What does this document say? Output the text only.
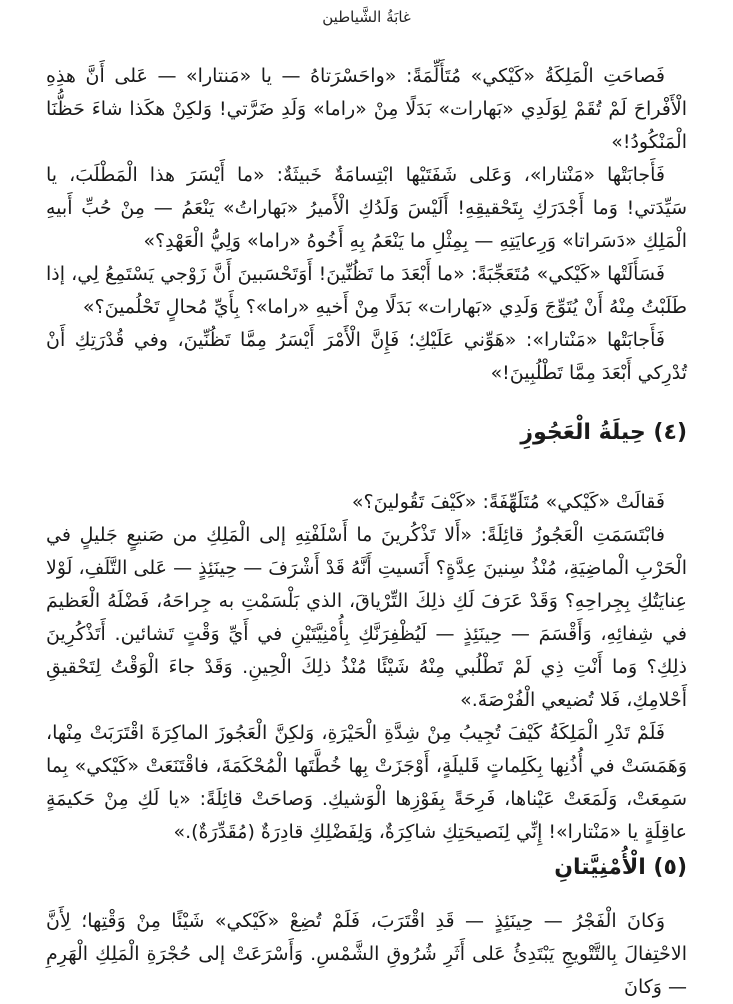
غابَةُ الشَّياطين

فَصاحَتِ الْمَلِكَةُ «كَيْكي» مُتَأَلِّمَةً: «واحَسْرَتاهُ — يا «مَنتارا» — عَلى أَنَّ هذِهِ الْأَفْراحَ لَمْ تُقَمْ لِوَلَدِي «بَهارات» بَدَلًا مِنْ «راما» وَلَدِ ضَرَّتي! وَلكِنْ هكَذا شاءَ حَظُّنَا الْمَنْكُودُ!»

فَأَجابَتْها «مَنْتارا»، وَعَلى شَفَتَيْها ابْتِسامَةٌ خَبيثَةٌ: «ما أَيْسَرَ هذا الْمَطْلَبَ، يا سَيِّدَتي! وَما أَجْدَرَكِ بِتَحْقيقِهِ! أَلَيْسَ وَلَدُكِ الْأَميرُ «بَهاراتُ» يَنْعَمُ — مِنْ حُبِّ أَبيهِ الْمَلِكِ «دَسَراتا» وَرِعايَتِهِ — بِمِثْلِ ما يَنْعَمُ بِهِ أَخُوهُ «راما» وَلِيُّ الْعَهْدِ؟»

فَسَأَلَتْها «كَيْكي» مُتَعَجِّبَةً: «ما أَبْعَدَ ما تَظُنِّينَ! أَوَتَحْسَبينَ أَنَّ زَوْجي يَسْتَمِعُ لِي، إذا طَلَبْتُ مِنْهُ أَنْ يُتَوِّجَ وَلَدِي «بَهارات» بَدَلًا مِنْ أَخيهِ «راما»؟ بِأَيِّ مُحالٍ تَحْلُمينَ؟»

فَأَجابَتْها «مَنْتارا»: «هَوِّني عَلَيْكِ؛ فَإِنَّ الْأَمْرَ أَيْسَرُ مِمَّا تَظُنِّينَ، وفي قُدْرَتِكِ أَنْ تُدْرِكي أَبْعَدَ مِمَّا تَطْلُبِينَ!»

(٤) حِيلَةُ الْعَجُوزِ

فَقالَتْ «كَيْكي» مُتَلَهِّفَةً: «كَيْفَ تَقُولينَ؟»

فابْتَسَمَتِ الْعَجُوزُ قائِلَةً: «أَلا تَذْكُرينَ ما أَسْلَفْتِهِ إلى الْمَلِكِ من صَنيعٍ جَليلٍ في الْحَرْبِ الْماضِيَةِ، مُنْذُ سِنينَ عِدَّةٍ؟ أَنَسيتِ أَنَّهُ قَدْ أَشْرَفَ — حِينَئِذٍ — عَلى التَّلَفِ، لَوْلا عِنايَتُكِ بِجِراحِهِ؟ وَقَدْ عَرَفَ لَكِ ذلِكَ التِّرْياقَ، الذي بَلْسَمْتِ به جِراحَهُ، فَضْلَهُ الْعَظيمَ في شِفائِهِ، وَأَقْسَمَ — حِينَئِذٍ — لَيُظْفِرَنَّكِ بِأُمْنِيَّتَيْنِ في أَيِّ وَقْتٍ تَشائين. أَتَذْكُرِينَ ذلِكِ؟ وَما أَنْتِ ذِي لَمْ تَطْلُبي مِنْهُ شَيْئًا مُنْذُ ذلِكَ الْحِينِ. وَقَدْ جاءَ الْوَقْتُ لِتَحْقيقِ أَحْلامِكِ، فَلا تُضيعي الْفُرْصَةَ.»

فَلَمْ تَدْرِ الْمَلِكَةُ كَيْفَ تُجِيبُ مِنْ شِدَّةِ الْحَيْرَةِ، وَلكِنَّ الْعَجُوزَ الماكِرَةَ اقْتَرَبَتْ مِنْها، وَهَمَسَتْ في أُذُنِها بِكَلِماتٍ قَليلَةٍ، أَوْجَزَتْ بِها خُطَّتَها الْمُحْكَمَةَ، فاقْتَنَعَتْ «كَيْكي» بِما سَمِعَتْ، وَلَمَعَتْ عَيْناها، فَرِحَةً بِفَوْزِها الْوَشيكِ. وَصاحَتْ قائِلَةً: «يا لَكِ مِنْ حَكيمَةٍ عاقِلَةٍ يا «مَنْتارا»! إِنِّي لِنَصيحَتِكِ شاكِرَةٌ، وَلِفَضْلِكِ قادِرَةٌ (مُقَدِّرَةٌ).»

(٥) الْأُمْنِيَّتانِ

وَكانَ الْفَجْرُ — حِينَئِذٍ — قَدِ اقْتَرَبَ، فَلَمْ تُضِعْ «كَيْكي» شَيْئًا مِنْ وَقْتِها؛ لِأَنَّ الاحْتِفالَ بِالتَّتْويجِ يَبْتَدِئُ عَلى أَثَرِ شُرُوقِ الشَّمْسِ. وَأَسْرَعَتْ إلى حُجْرَةِ الْمَلِكِ الْهَرِمِ — وَكانَ
